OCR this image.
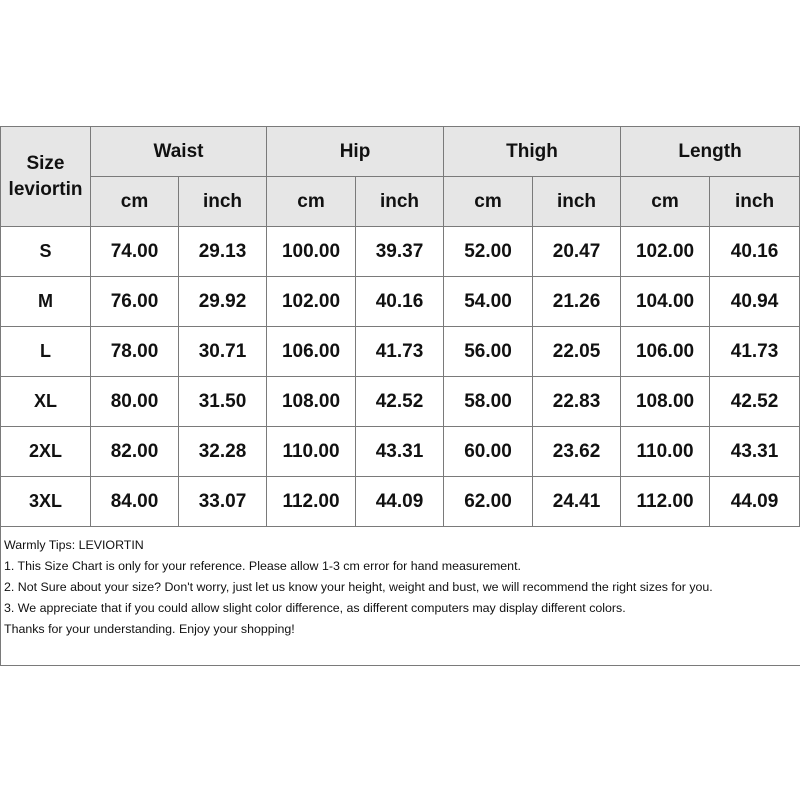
Size
leviortin	Waist		Hip		Thigh		Length	
	cm	inch	cm	inch	cm	inch	cm	inch
S	74.00	29.13	100.00	39.37	52.00	20.47	102.00	40.16
M	76.00	29.92	102.00	40.16	54.00	21.26	104.00	40.94
L	78.00	30.71	106.00	41.73	56.00	22.05	106.00	41.73
XL	80.00	31.50	108.00	42.52	58.00	22.83	108.00	42.52
2XL	82.00	32.28	110.00	43.31	60.00	23.62	110.00	43.31
3XL	84.00	33.07	112.00	44.09	62.00	24.41	112.00	44.09
Warmly Tips: LEVIORTIN
1. This Size Chart is only for your reference. Please allow 1-3 cm error for hand measurement.
2. Not Sure about your size? Don't worry, just let us know your height, weight and bust, we will recommend the right sizes for you.
3. We appreciate that if you could allow slight color difference, as different computers may display different colors.
Thanks for your understanding. Enjoy your shopping!
